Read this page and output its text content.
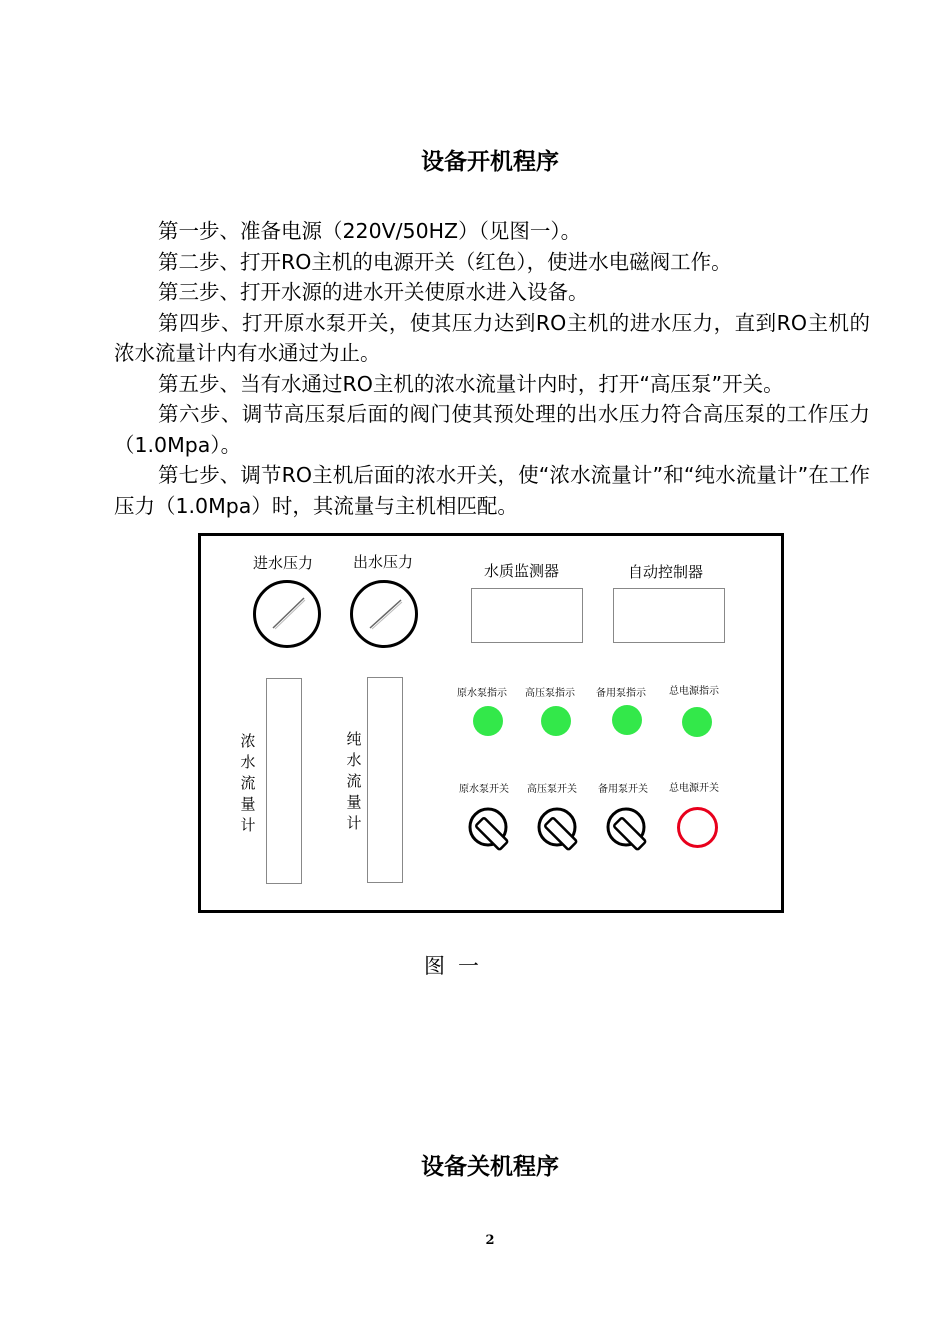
设备开机程序

第一步、准备电源（220V/50HZ）（见图一）。

第二步、打开RO主机的电源开关（红色），使进水电磁阀工作。

第三步、打开水源的进水开关使原水进入设备。

第四步、打开原水泵开关，使其压力达到RO主机的进水压力，直到RO主机的浓水流量计内有水通过为止。

第五步、当有水通过RO主机的浓水流量计内时，打开“高压泵”开关。

第六步、调节高压泵后面的阀门使其预处理的出水压力符合高压泵的工作压力（1.0Mpa）。

第七步、调节RO主机后面的浓水开关，使“浓水流量计”和“纯水流量计”在工作压力（1.0Mpa）时，其流量与主机相匹配。

进水压力	出水压力	水质监测器	自动控制器
浓水流量计
纯水流量计
原水泵指示 高压泵指示 备用泵指示 总电源指示
原水泵开关 高压泵开关 备用泵开关 总电源开关
图一
设备关机程序
2
